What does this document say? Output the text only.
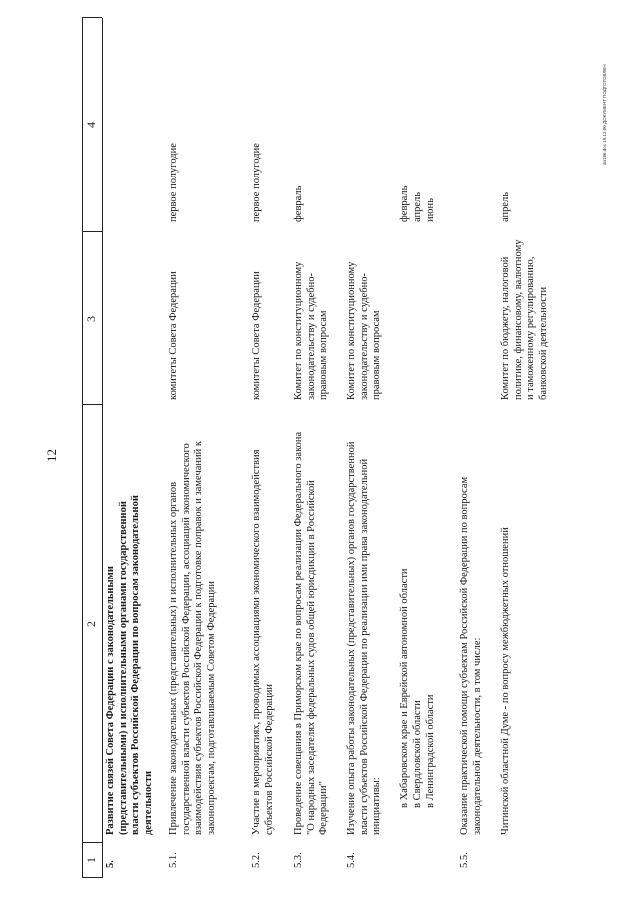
12
1
2
3
4
5.
Развитие связей Совета Федерации с законодательными (представительными) и исполнительными органами государственной власти субъектов Российской Федерации по вопросам законодательной деятельности
5.1.
Привлечение законодательных (представительных) и исполнительных органов государственной власти субъектов Российской Федерации, ассоциаций экономического взаимодействия субъектов Российской Федерации к подготовке поправок и замечаний к законопроектам, подготавливаемым Советом Федерации
комитеты Совета Федерации
первое полугодие
5.2.
Участие в мероприятиях, проводимых ассоциациями экономического взаимодействия субъектов Российской Федерации
комитеты Совета Федерации
первое полугодие
5.3.
Проведение совещания в Приморском крае по вопросам реализации Федерального закона "О народных заседателях федеральных судов общей юрисдикции в Российской Федерации"
Комитет по конституционному законодательству и судебно-правовым вопросам
февраль
5.4.
Изучение опыта работы законодательных (представительных) органов государственной власти субъектов Российской Федерации по реализации ими права законодательной инициативы:
Комитет по конституционному законодательству и судебно-правовым вопросам
в Хабаровском крае и Еврейской автономной области в Свердловской области в Ленинградской области
февраль апрель июнь
5.5.
Оказание практической помощи субъектам Российской Федерации по вопросам законодательной деятельности, в том числе: Читинской областной Думе - по вопросу межбюджетных отношений
Комитет по бюджету, налоговой политике, финансовому, валютному и таможенному регулированию, банковской деятельности
апрель
an186.doc 19.12.00 ДОКУМЕНТ ПОДГОТОВЛЕН
